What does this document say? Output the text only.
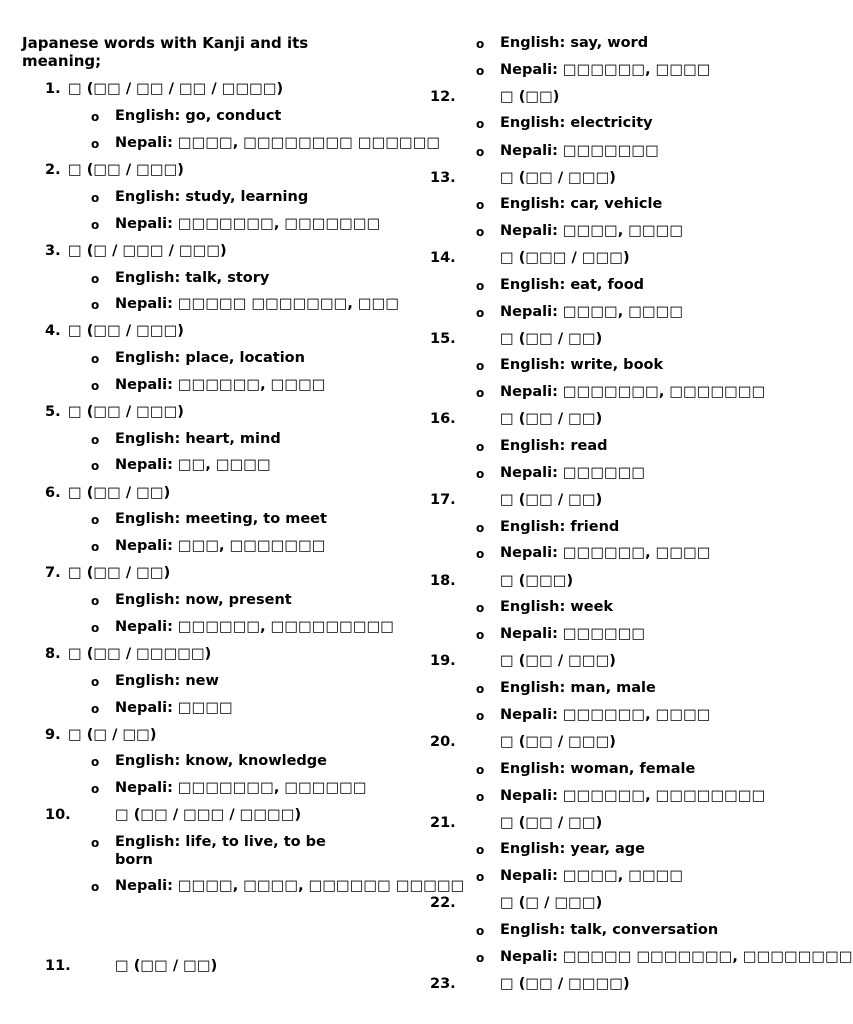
Japanese words with Kanji and its meaning;
1. □ (□□ / □□ / □□ / □□□□)
o English: go, conduct
o Nepali: □□□□, □□□□□□□□ □□□□□□
2. □ (□□ / □□□)
o English: study, learning
o Nepali: □□□□□□□, □□□□□□□
3. □ (□ / □□□ / □□□)
o English: talk, story
o Nepali: □□□□□ □□□□□□□, □□□
4. □ (□□ / □□□)
o English: place, location
o Nepali: □□□□□□, □□□□
5. □ (□□ / □□□)
o English: heart, mind
o Nepali: □□, □□□□
6. □ (□□ / □□)
o English: meeting, to meet
o Nepali: □□□, □□□□□□□
7. □ (□□ / □□)
o English: now, present
o Nepali: □□□□□□, □□□□□□□□□
8. □ (□□ / □□□□□)
o English: new
o Nepali: □□□□
9. □ (□ / □□)
o English: know, knowledge
o Nepali: □□□□□□□, □□□□□□
10.	□ (□□ / □□□ / □□□□)
o English: life, to live, to be born
o Nepali: □□□□, □□□□, □□□□□□ □□□□□
11.	□ (□□ / □□)
o English: say, word
o Nepali: □□□□□□, □□□□
12.	□ (□□)
o English: electricity
o Nepali: □□□□□□□
13.	□ (□□ / □□□)
o English: car, vehicle
o Nepali: □□□□, □□□□
14.	□ (□□□ / □□□)
o English: eat, food
o Nepali: □□□□, □□□□
15.	□ (□□ / □□)
o English: write, book
o Nepali: □□□□□□□, □□□□□□□
16.	□ (□□ / □□)
o English: read
o Nepali: □□□□□□
17.	□ (□□ / □□)
o English: friend
o Nepali: □□□□□□, □□□□
18.	□ (□□□)
o English: week
o Nepali: □□□□□□
19.	□ (□□ / □□□)
o English: man, male
o Nepali: □□□□□□, □□□□
20.	□ (□□ / □□□)
o English: woman, female
o Nepali: □□□□□□, □□□□□□□□
21.	□ (□□ / □□)
o English: year, age
o Nepali: □□□□, □□□□
22.	□ (□ / □□□)
o English: talk, conversation
o Nepali: □□□□□ □□□□□□□, □□□□□□□□
23.	□ (□□ / □□□□)
